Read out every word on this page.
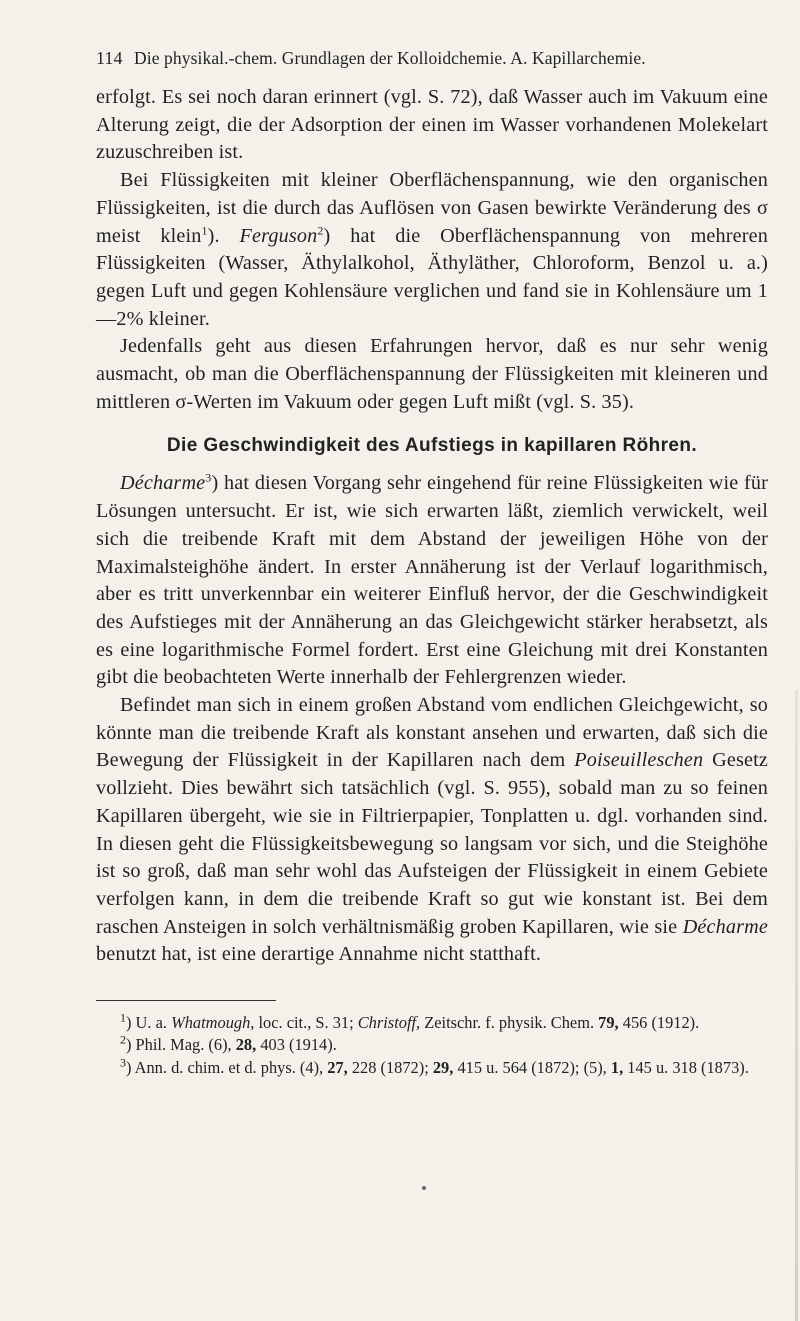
114 Die physikal.-chem. Grundlagen der Kolloidchemie. A. Kapillarchemie.

erfolgt. Es sei noch daran erinnert (vgl. S. 72), daß Wasser auch im Vakuum eine Alterung zeigt, die der Adsorption der einen im Wasser vorhandenen Molekelart zuzuschreiben ist.

Bei Flüssigkeiten mit kleiner Oberflächenspannung, wie den organischen Flüssigkeiten, ist die durch das Auflösen von Gasen bewirkte Veränderung des σ meist klein$^1$). Ferguson$^2$) hat die Oberflächenspannung von mehreren Flüssigkeiten (Wasser, Äthylalkohol, Äthyläther, Chloroform, Benzol u. a.) gegen Luft und gegen Kohlensäure verglichen und fand sie in Kohlensäure um 1—2% kleiner.

Jedenfalls geht aus diesen Erfahrungen hervor, daß es nur sehr wenig ausmacht, ob man die Oberflächenspannung der Flüssigkeiten mit kleineren und mittleren σ-Werten im Vakuum oder gegen Luft mißt (vgl. S. 35).

Die Geschwindigkeit des Aufstiegs in kapillaren Röhren.

Décharme$^3$) hat diesen Vorgang sehr eingehend für reine Flüssigkeiten wie für Lösungen untersucht. Er ist, wie sich erwarten läßt, ziemlich verwickelt, weil sich die treibende Kraft mit dem Abstand der jeweiligen Höhe von der Maximalsteighöhe ändert. In erster Annäherung ist der Verlauf logarithmisch, aber es tritt unverkennbar ein weiterer Einfluß hervor, der die Geschwindigkeit des Aufstieges mit der Annäherung an das Gleichgewicht stärker herabsetzt, als es eine logarithmische Formel fordert. Erst eine Gleichung mit drei Konstanten gibt die beobachteten Werte innerhalb der Fehlergrenzen wieder.

Befindet man sich in einem großen Abstand vom endlichen Gleichgewicht, so könnte man die treibende Kraft als konstant ansehen und erwarten, daß sich die Bewegung der Flüssigkeit in der Kapillaren nach dem Poiseuilleschen Gesetz vollzieht. Dies bewährt sich tatsächlich (vgl. S. 955), sobald man zu so feinen Kapillaren übergeht, wie sie in Filtrierpapier, Tonplatten u. dgl. vorhanden sind. In diesen geht die Flüssigkeitsbewegung so langsam vor sich, und die Steighöhe ist so groß, daß man sehr wohl das Aufsteigen der Flüssigkeit in einem Gebiete verfolgen kann, in dem die treibende Kraft so gut wie konstant ist. Bei dem raschen Ansteigen in solch verhältnismäßig groben Kapillaren, wie sie Décharme benutzt hat, ist eine derartige Annahme nicht statthaft.

$^1$) U. a. Whatmough, loc. cit., S. 31; Christoff, Zeitschr. f. physik. Chem. 79, 456 (1912).

$^2$) Phil. Mag. (6), 28, 403 (1914).

$^3$) Ann. d. chim. et d. phys. (4), 27, 228 (1872); 29, 415 u. 564 (1872); (5), 1, 145 u. 318 (1873).
